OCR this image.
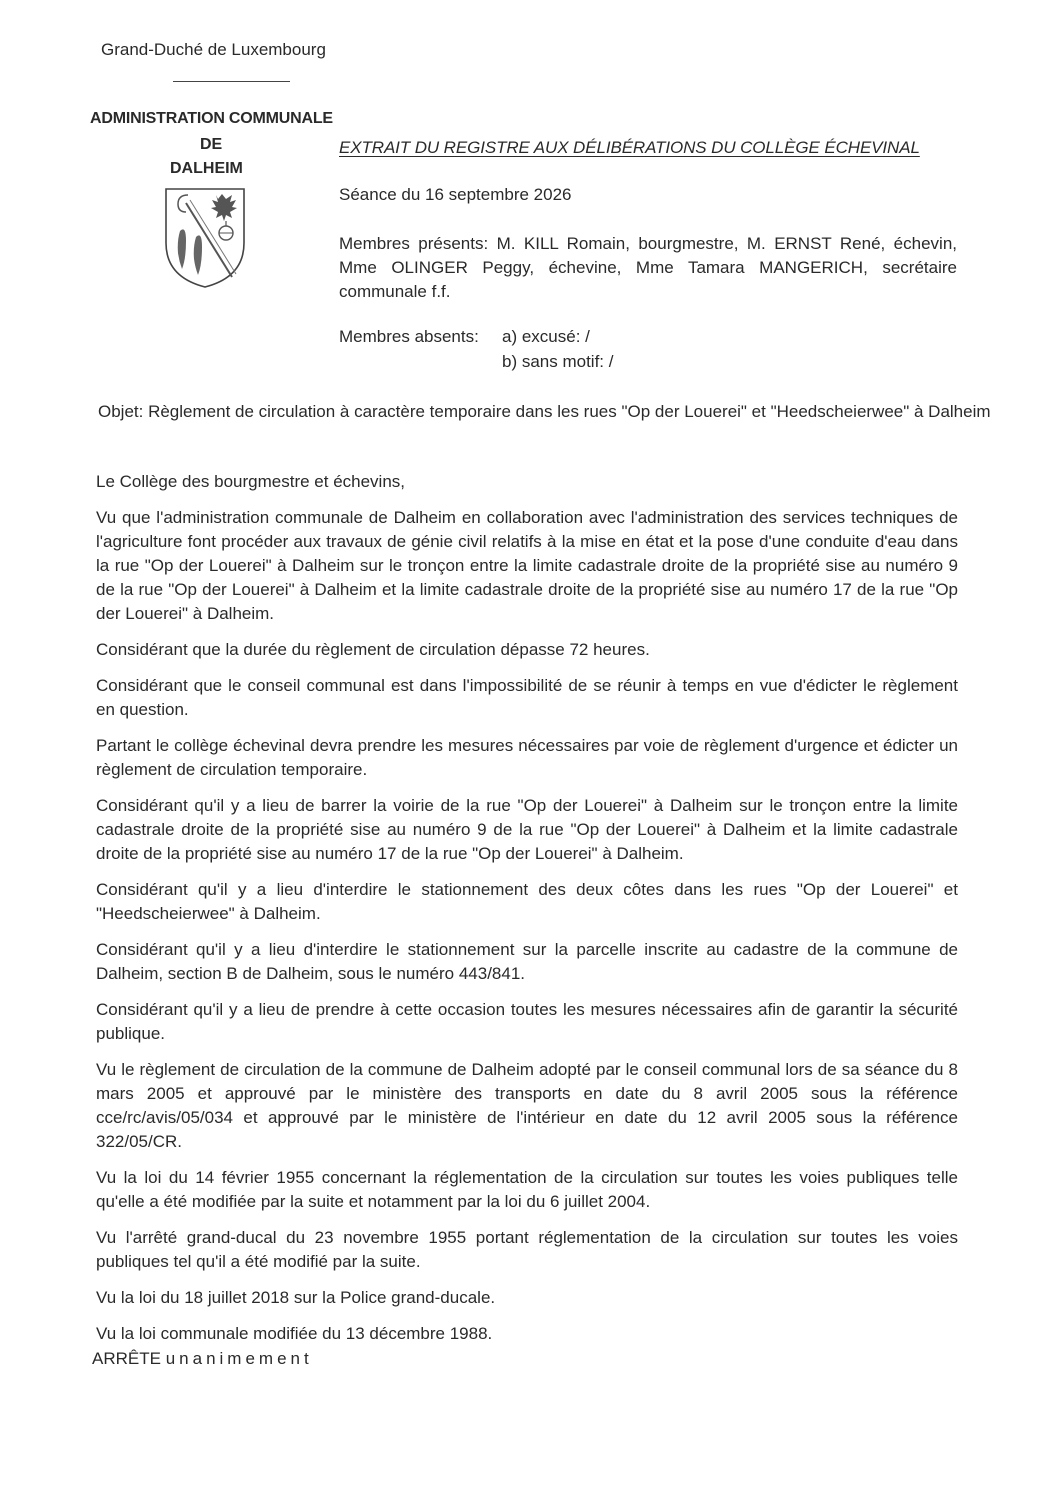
Grand-Duché de Luxembourg
ADMINISTRATION COMMUNALE
DE
DALHEIM
EXTRAIT DU REGISTRE AUX DÉLIBÉRATIONS DU COLLÈGE ÉCHEVINAL
Séance du 16 septembre 2026
Membres présents: M. KILL Romain, bourgmestre, M. ERNST René, échevin, Mme OLINGER Peggy, échevine, Mme Tamara MANGERICH, secrétaire communale f.f.
Membres absents: a) excusé: /
b) sans motif: /
Objet: Règlement de circulation à caractère temporaire dans les rues "Op der Louerei" et "Heedscheierwee" à Dalheim

Le Collège des bourgmestre et échevins,

Vu que l'administration communale de Dalheim en collaboration avec l'administration des services techniques de l'agriculture font procéder aux travaux de génie civil relatifs à la mise en état et la pose d'une conduite d'eau dans la rue "Op der Louerei" à Dalheim sur le tronçon entre la limite cadastrale droite de la propriété sise au numéro 9 de la rue "Op der Louerei" à Dalheim et la limite cadastrale droite de la propriété sise au numéro 17 de la rue "Op der Louerei" à Dalheim.

Considérant que la durée du règlement de circulation dépasse 72 heures.

Considérant que le conseil communal est dans l'impossibilité de se réunir à temps en vue d'édicter le règlement en question.

Partant le collège échevinal devra prendre les mesures nécessaires par voie de règlement d'urgence et édicter un règlement de circulation temporaire.

Considérant qu'il y a lieu de barrer la voirie de la rue "Op der Louerei" à Dalheim sur le tronçon entre la limite cadastrale droite de la propriété sise au numéro 9 de la rue "Op der Louerei" à Dalheim et la limite cadastrale droite de la propriété sise au numéro 17 de la rue "Op der Louerei" à Dalheim.

Considérant qu'il y a lieu d'interdire le stationnement des deux côtes dans les rues "Op der Louerei" et "Heedscheierwee" à Dalheim.

Considérant qu'il y a lieu d'interdire le stationnement sur la parcelle inscrite au cadastre de la commune de Dalheim, section B de Dalheim, sous le numéro 443/841.

Considérant qu'il y a lieu de prendre à cette occasion toutes les mesures nécessaires afin de garantir la sécurité publique.

Vu le règlement de circulation de la commune de Dalheim adopté par le conseil communal lors de sa séance du 8 mars 2005 et approuvé par le ministère des transports en date du 8 avril 2005 sous la référence cce/rc/avis/05/034 et approuvé par le ministère de l'intérieur en date du 12 avril 2005 sous la référence 322/05/CR.

Vu la loi du 14 février 1955 concernant la réglementation de la circulation sur toutes les voies publiques telle qu'elle a été modifiée par la suite et notamment par la loi du 6 juillet 2004.

Vu l'arrêté grand-ducal du 23 novembre 1955 portant réglementation de la circulation sur toutes les voies publiques tel qu'il a été modifié par la suite.

Vu la loi du 18 juillet 2018 sur la Police grand-ducale.

Vu la loi communale modifiée du 13 décembre 1988.

ARRÊTE unanimement
